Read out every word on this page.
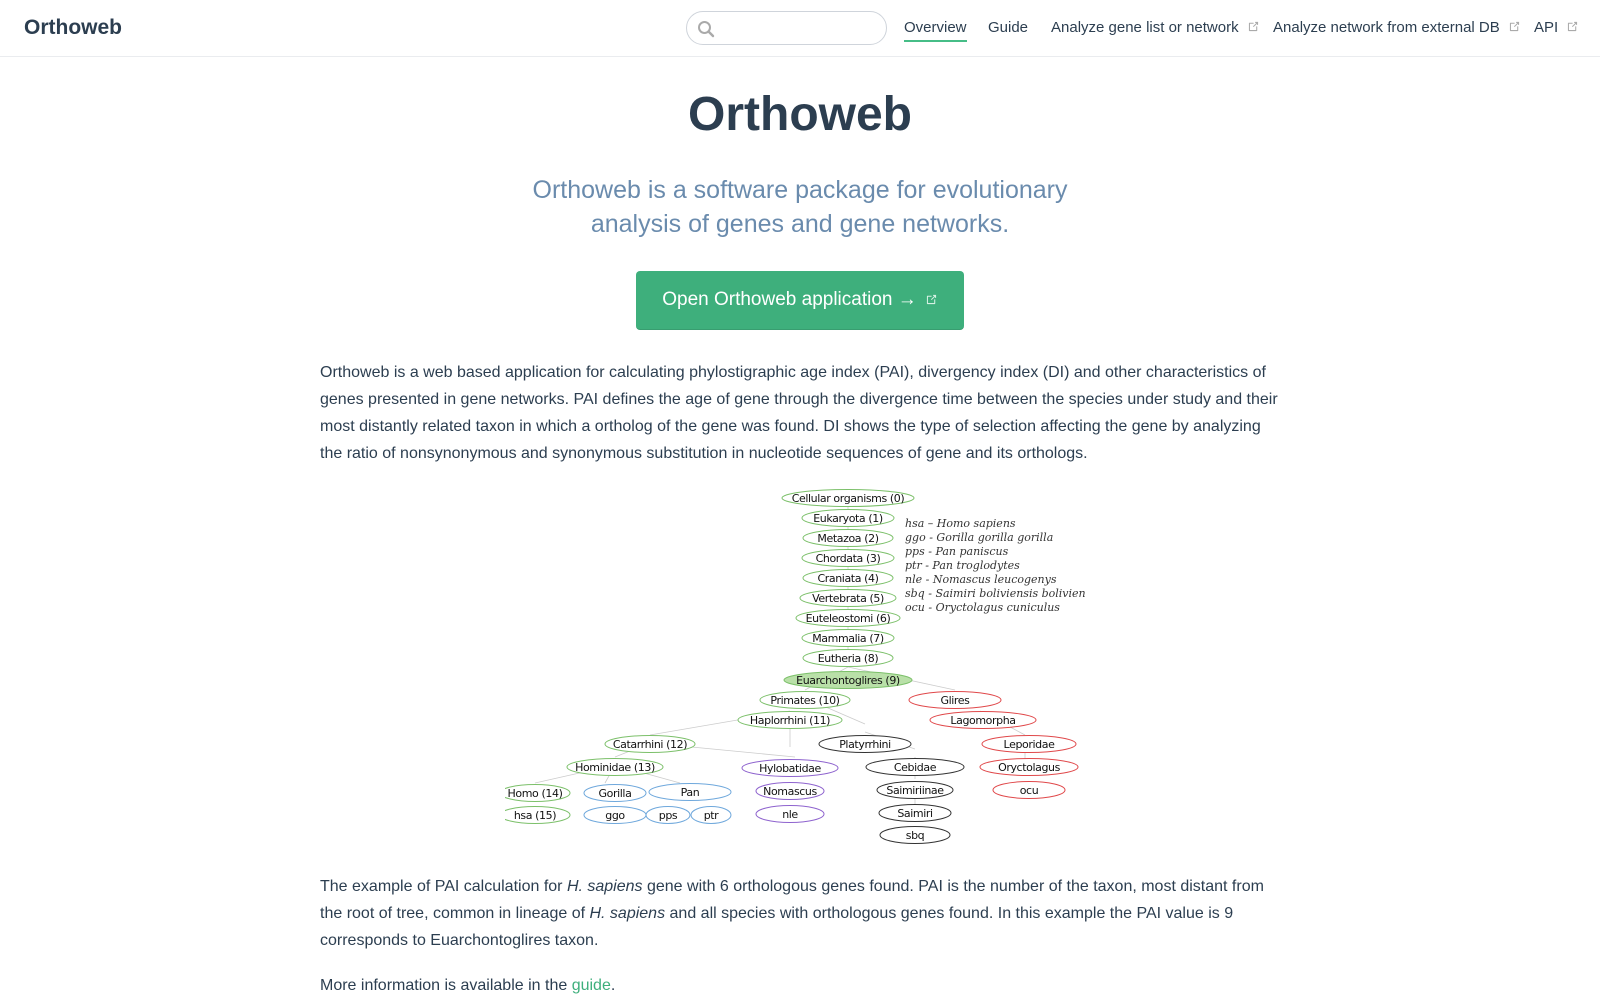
Orthoweb	Overview Guide Analyze gene list or network	Analyze network from external DB	API
Orthoweb

Orthoweb is a software package for evolutionary analysis of genes and gene networks.

Open Orthoweb application →

Orthoweb is a web based application for calculating phylostigraphic age index (PAI), divergency index (DI) and other characteristics of genes presented in gene networks. PAI defines the age of gene through the divergence time between the species under study and their most distantly related taxon in which a ortholog of the gene was found. DI shows the type of selection affecting the gene by analyzing the ratio of nonsynonymous and synonymous substitution in nucleotide sequences of gene and its orthologs.

Cellular organisms (0)
Eukaryota (1)
Metazoa (2)
Chordata (3)
Craniata (4)
Vertebrata (5)
Euteleostomi (6)
Mammalia (7)
Eutheria (8)
Euarchontoglires (9)
Primates (10)
Haplorrhini (11)
Catarrhini (12)
Hominidae (13)
Homo (14)
hsa (15)
Gorilla	Pan
ggo	pps ptr
Hylobatidae
Nomascus
nle
Platyrrhini
Cebidae
Saimiriinae
Saimiri
sbq
Glires
Lagomorpha
Leporidae
Oryctolagus
ocu
hsa – Homo sapiens
ggo - Gorilla gorilla gorilla
pps - Pan paniscus
ptr - Pan troglodytes
nle - Nomascus leucogenys
sbq - Saimiri boliviensis boliviensis
ocu - Oryctolagus cuniculus

The example of PAI calculation for H. sapiens gene with 6 orthologous genes found. PAI is the number of the taxon, most distant from the root of tree, common in lineage of H. sapiens and all species with orthologous genes found. In this example the PAI value is 9 corresponds to Euarchontoglires taxon.

More information is available in the guide.
